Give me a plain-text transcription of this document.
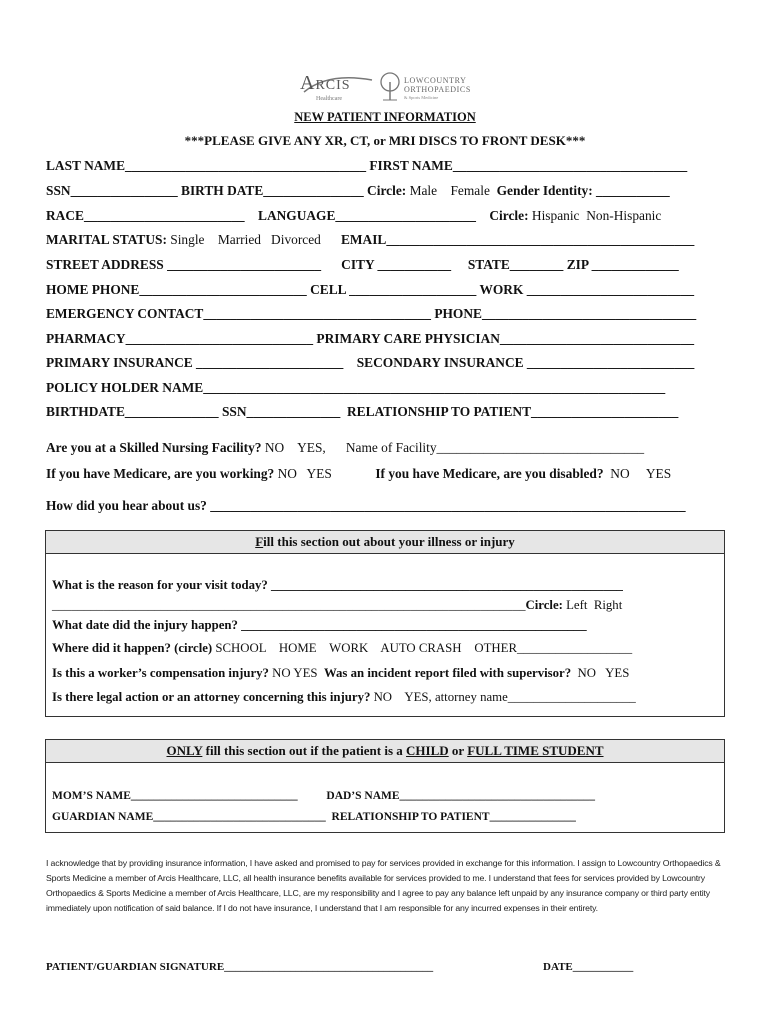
Arcis
Healthcare
LOWCOUNTRY
ORTHOPAEDICS
& Sports Medicine
NEW PATIENT INFORMATION
***PLEASE GIVE ANY XR, CT, or MRI DISCS TO FRONT DESK***
LAST NAME____________________________________ FIRST NAME___________________________________
SSN________________ BIRTH DATE_______________ Circle: Male    Female  Gender Identity: ___________
RACE________________________    LANGUAGE_____________________    Circle: Hispanic  Non-Hispanic
MARITAL STATUS: Single    Married   Divorced      EMAIL______________________________________________
STREET ADDRESS _______________________      CITY ___________     STATE________ ZIP _____________
HOME PHONE_________________________ CELL ___________________ WORK _________________________
EMERGENCY CONTACT__________________________________ PHONE________________________________
PHARMACY____________________________ PRIMARY CARE PHYSICIAN_____________________________
PRIMARY INSURANCE ______________________    SECONDARY INSURANCE _________________________
POLICY HOLDER NAME_____________________________________________________________________
BIRTHDATE______________ SSN______________  RELATIONSHIP TO PATIENT______________________
Are you at a Skilled Nursing Facility? NO    YES,      Name of Facility_______________________________
If you have Medicare, are you working? NO   YES             If you have Medicare, are you disabled?  NO     YES
How did you hear about us? _______________________________________________________________________
Fill this section out about your illness or injury
What is the reason for your visit today? _______________________________________________________
__________________________________________________________________________Circle: Left  Right
What date did the injury happen? ______________________________________________________
Where did it happen? (circle) SCHOOL    HOME    WORK    AUTO CRASH    OTHER__________________
Is this a worker’s compensation injury? NO YES  Was an incident report filed with supervisor?  NO   YES
Is there legal action or an attorney concerning this injury? NO    YES, attorney name____________________
ONLY fill this section out if the patient is a CHILD or FULL TIME STUDENT
MOM’S NAME_____________________________          DAD’S NAME__________________________________
GUARDIAN NAME______________________________  RELATIONSHIP TO PATIENT_______________
I acknowledge that by providing insurance information, I have asked and promised to pay for services provided in exchange for this information. I assign to Lowcountry Orthopaedics & Sports Medicine a member of Arcis Healthcare, LLC, all health insurance benefits available for services provided to me. I understand that fees for services provided by Lowcountry Orthopaedics & Sports Medicine a member of Arcis Healthcare, LLC, are my responsibility and I agree to pay any balance left unpaid by any insurance company or third party entity immediately upon notification of said balance. If I do not have insurance, I understand that I am responsible for any incurred expenses in their entirety.
PATIENT/GUARDIAN SIGNATURE______________________________________	DATE___________
